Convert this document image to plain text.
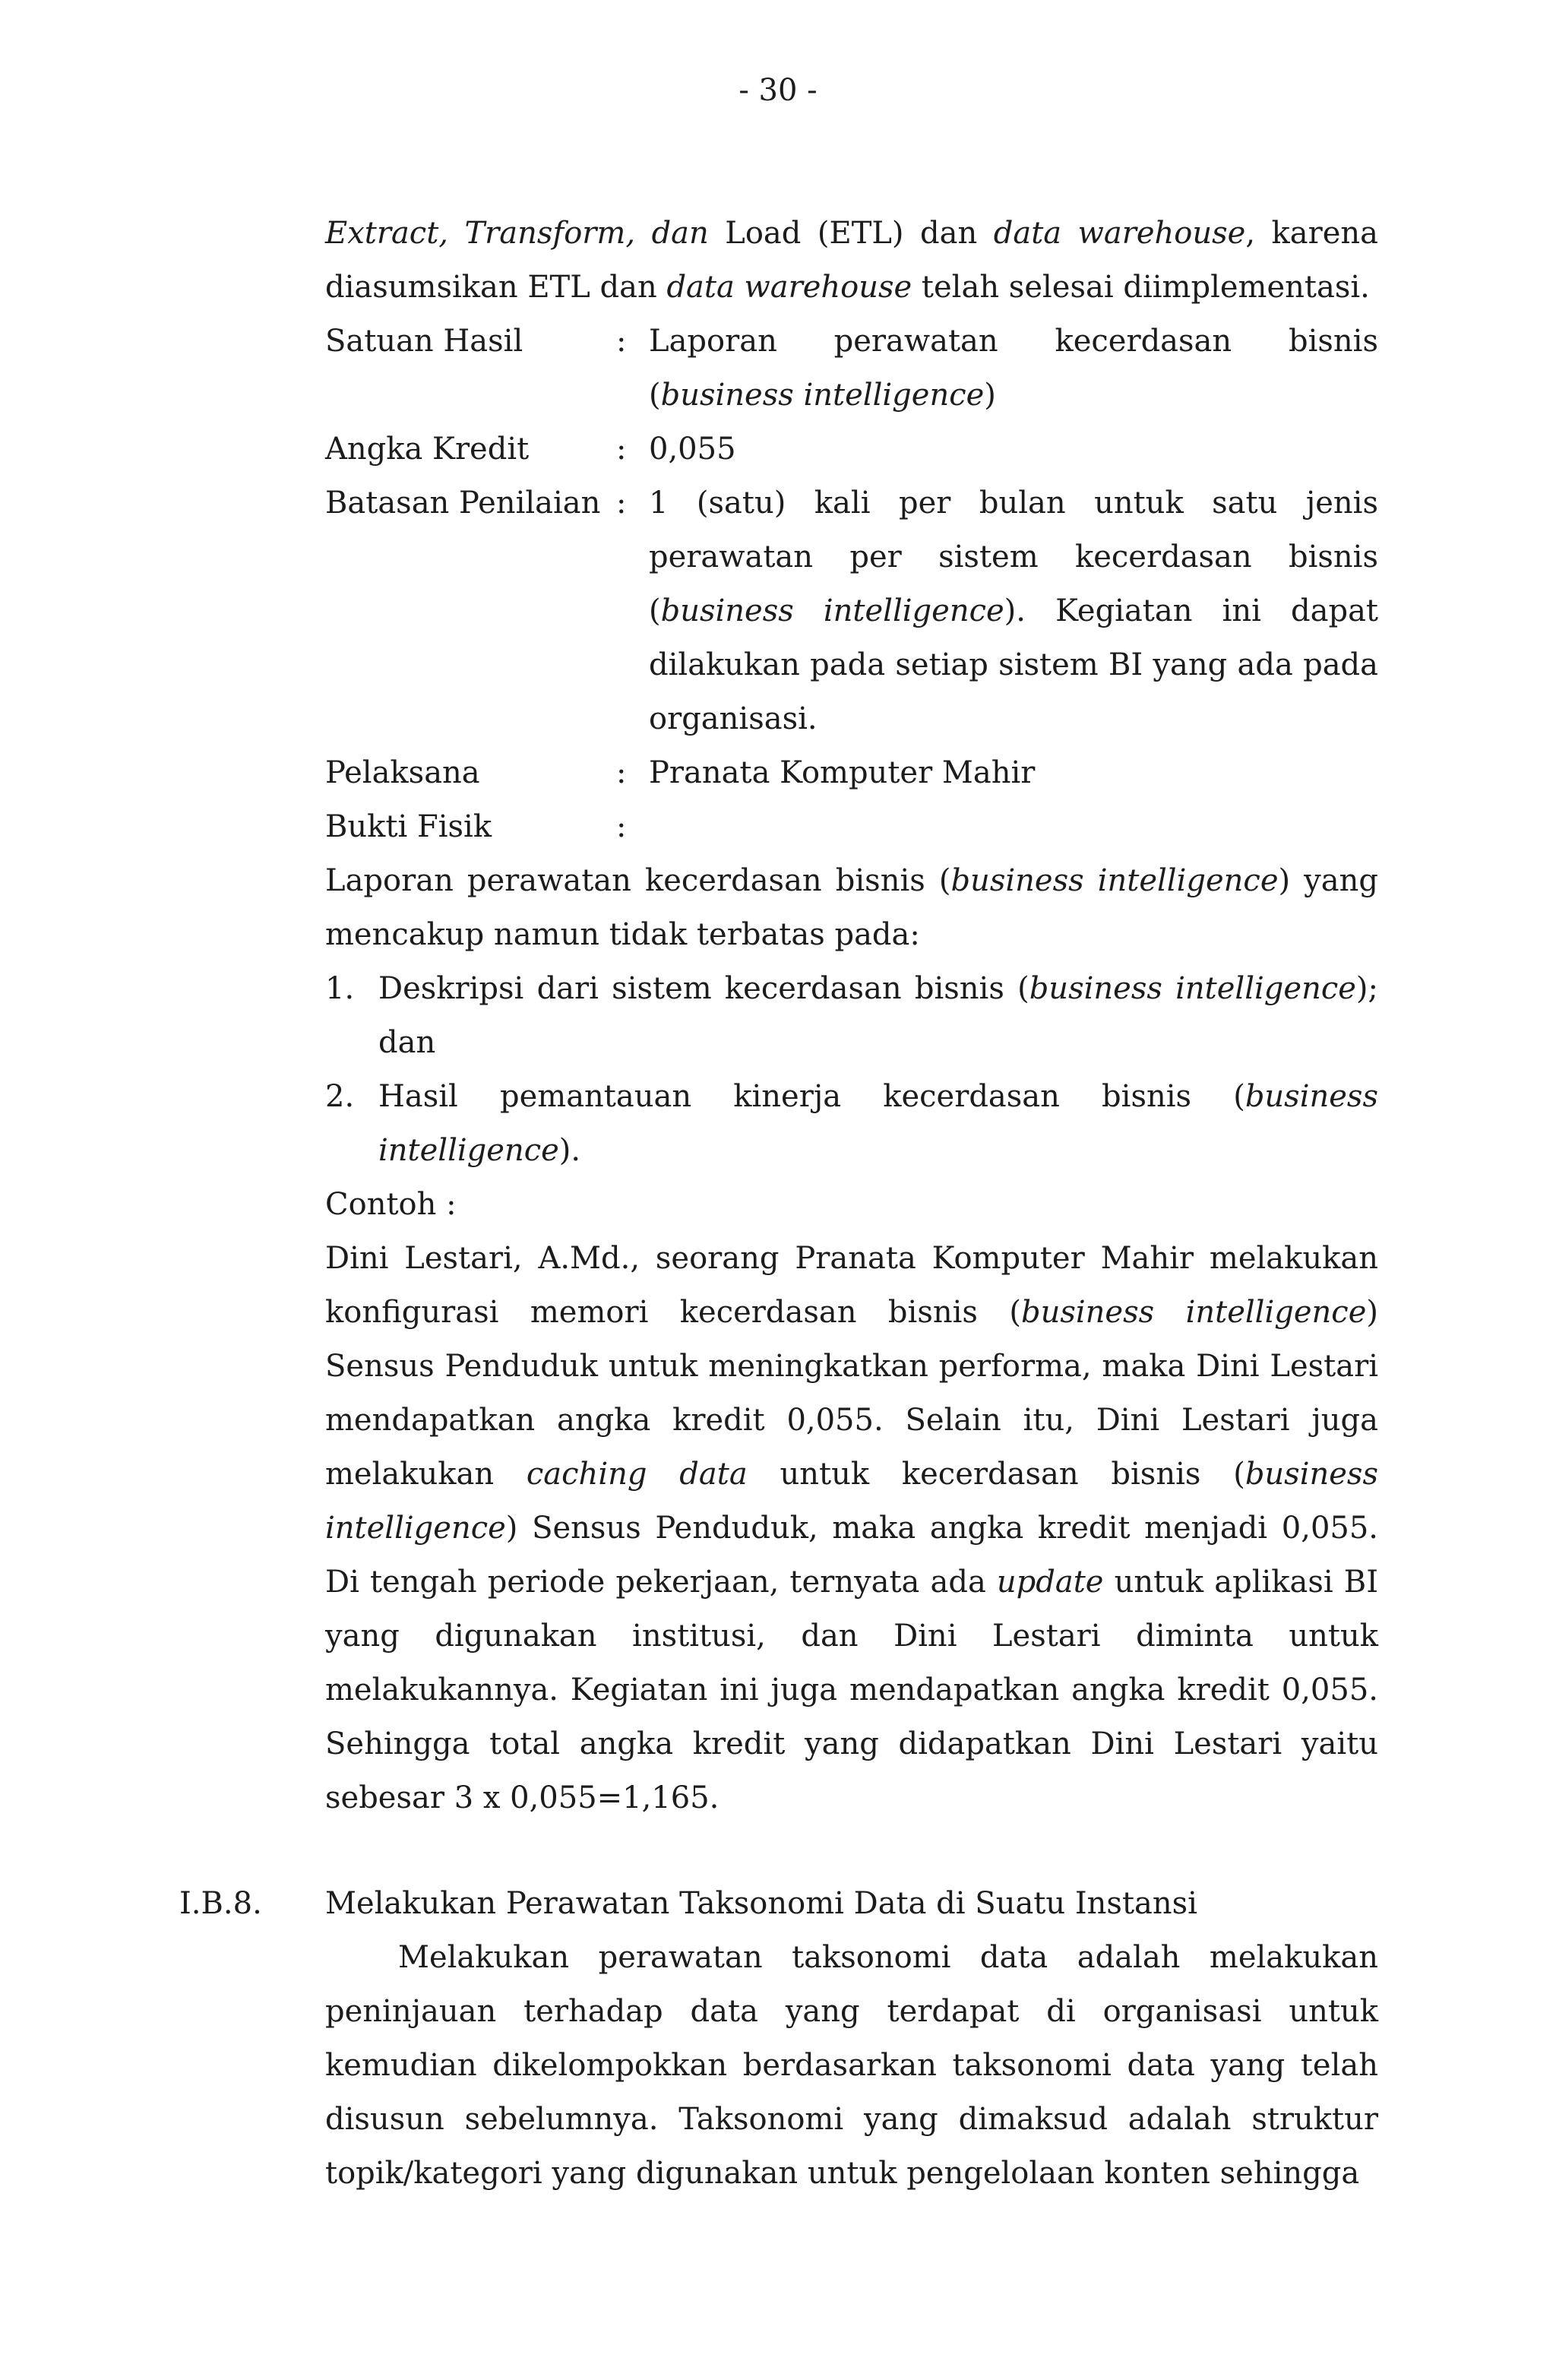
- 30 -

Extract, Transform, dan Load (ETL) dan data warehouse, karena diasumsikan ETL dan data warehouse telah selesai diimplementasi.

Satuan Hasil	: Laporan perawatan kecerdasan bisnis (business intelligence)
Angka Kredit	: 0,055
Batasan Penilaian : 1 (satu) kali per bulan untuk satu jenis perawatan per sistem kecerdasan bisnis (business intelligence). Kegiatan ini dapat dilakukan pada setiap sistem BI yang ada pada organisasi.
Pelaksana	: Pranata Komputer Mahir
Bukti Fisik	:

Laporan perawatan kecerdasan bisnis (business intelligence) yang mencakup namun tidak terbatas pada:

1. Deskripsi dari sistem kecerdasan bisnis (business intelligence); dan
2. Hasil pemantauan kinerja kecerdasan bisnis (business intelligence).

Contoh :

Dini Lestari, A.Md., seorang Pranata Komputer Mahir melakukan konfigurasi memori kecerdasan bisnis (business intelligence) Sensus Penduduk untuk meningkatkan performa, maka Dini Lestari mendapatkan angka kredit 0,055. Selain itu, Dini Lestari juga melakukan caching data untuk kecerdasan bisnis (business intelligence) Sensus Penduduk, maka angka kredit menjadi 0,055. Di tengah periode pekerjaan, ternyata ada update untuk aplikasi BI yang digunakan institusi, dan Dini Lestari diminta untuk melakukannya. Kegiatan ini juga mendapatkan angka kredit 0,055. Sehingga total angka kredit yang didapatkan Dini Lestari yaitu sebesar 3 x 0,055=1,165.

I.B.8.	Melakukan Perawatan Taksonomi Data di Suatu Instansi

Melakukan perawatan taksonomi data adalah melakukan peninjauan terhadap data yang terdapat di organisasi untuk kemudian dikelompokkan berdasarkan taksonomi data yang telah disusun sebelumnya. Taksonomi yang dimaksud adalah struktur topik/kategori yang digunakan untuk pengelolaan konten sehingga
